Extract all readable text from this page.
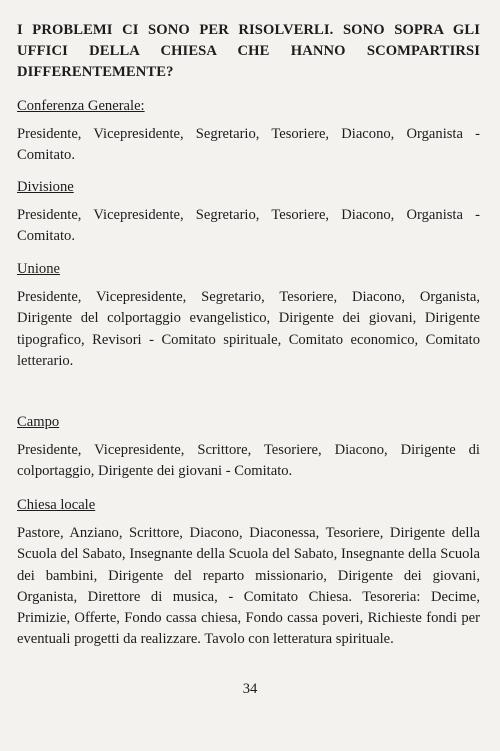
I PROBLEMI CI SONO PER RISOLVERLI. SONO SOPRA GLI UFFICI DELLA CHIESA CHE HANNO SCOMPARTIRSI DIFFERENTEMENTE?

Conferenza Generale:

Presidente, Vicepresidente, Segretario, Tesoriere, Diacono, Organista - Comitato.

Divisione

Presidente, Vicepresidente, Segretario, Tesoriere, Diacono, Organista - Comitato.

Unione

Presidente, Vicepresidente, Segretario, Tesoriere, Diacono, Organista, Dirigente del colportaggio evangelistico, Dirigente dei giovani, Dirigente tipografico, Revisori - Comitato spirituale, Comitato economico, Comitato letterario.

Campo

Presidente, Vicepresidente, Scrittore, Tesoriere, Diacono, Dirigente di colportaggio, Dirigente dei giovani - Comitato.

Chiesa locale

Pastore, Anziano, Scrittore, Diacono, Diaconessa, Tesoriere, Dirigente della Scuola del Sabato, Insegnante della Scuola del Sabato, Insegnante della Scuola dei bambini, Dirigente del reparto missionario, Dirigente dei giovani, Organista, Direttore di musica, - Comitato Chiesa. Tesoreria: Decime, Primizie, Offerte, Fondo cassa chiesa, Fondo cassa poveri, Richieste fondi per eventuali progetti da realizzare. Tavolo con letteratura spirituale.

34
